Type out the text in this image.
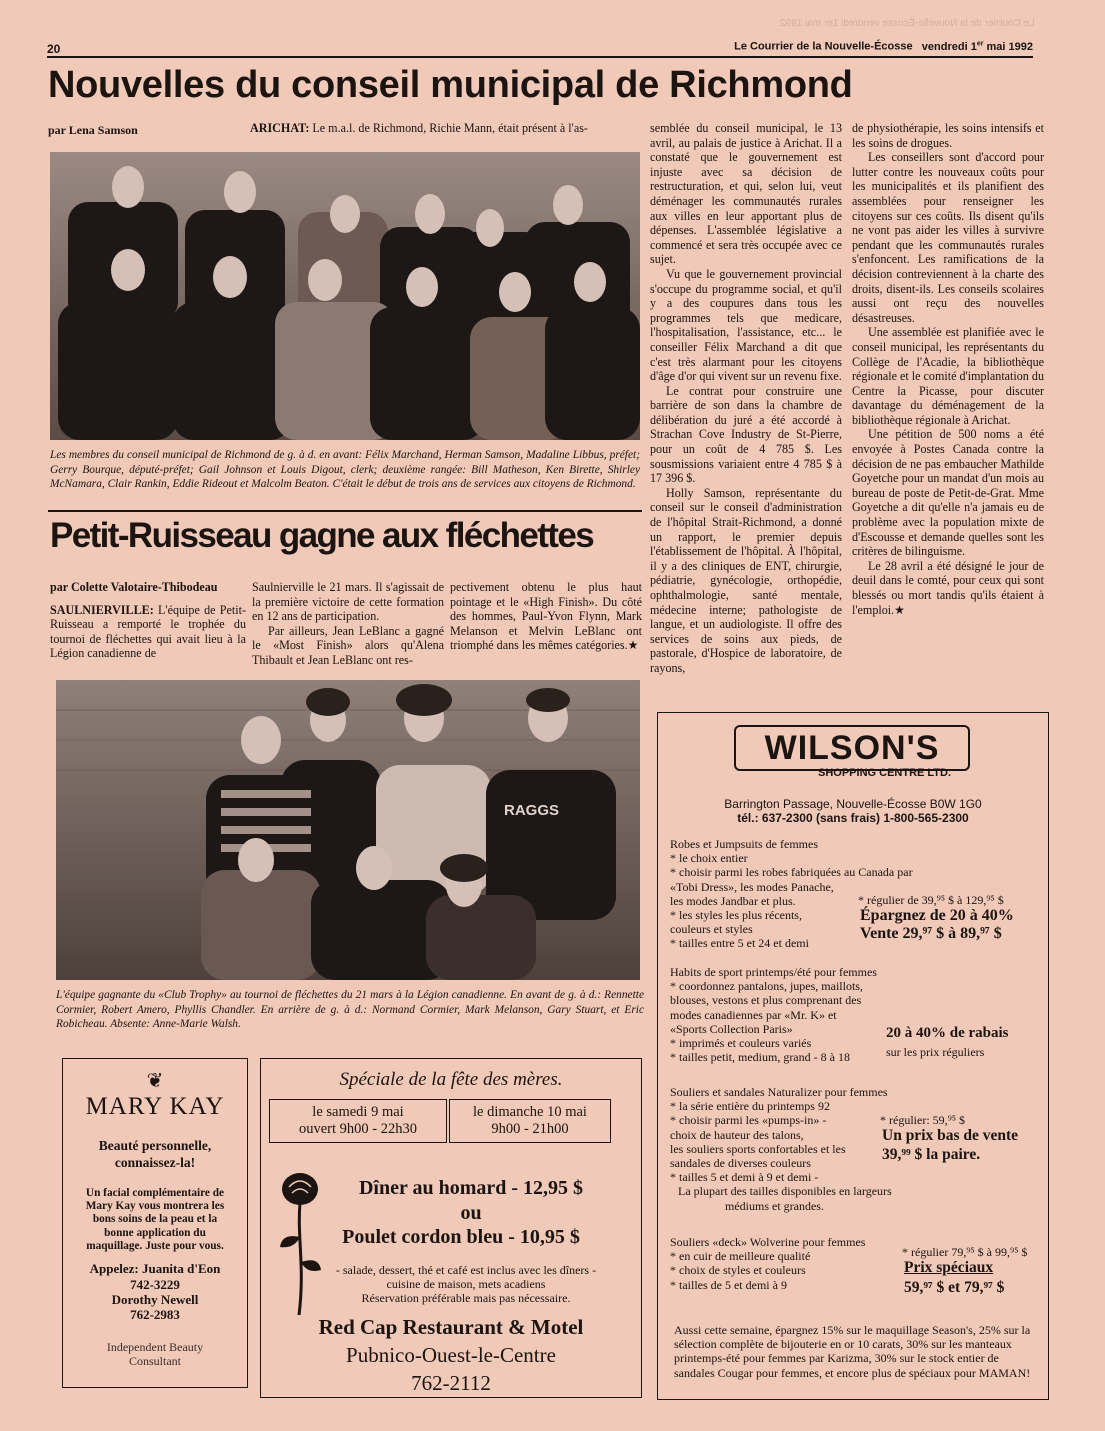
Le Courrier de la Nouvelle-Écosse vendredi 1er mai 1992
20	Le Courrier de la Nouvelle-Écosse vendredi 1er mai 1992
Nouvelles du conseil municipal de Richmond
par Lena Samson	ARICHAT: Le m.a.l. de Richmond, Richie Mann, était présent à l'as-
Les membres du conseil municipal de Richmond de g. à d. en avant: Félix Marchand, Herman Samson, Madaline Libbus, préfet; Gerry Bourque, député-préfet; Gail Johnson et Louis Digout, clerk; deuxième rangée: Bill Matheson, Ken Birette, Shirley McNamara, Clair Rankin, Eddie Rideout et Malcolm Beaton. C'était le début de trois ans de services aux citoyens de Richmond.

semblée du conseil municipal, le 13 avril, au palais de justice à Arichat. Il a constaté que le gouvernement est injuste avec sa décision de restructuration, et qui, selon lui, veut déménager les communautés rurales aux villes en leur apportant plus de dépenses. L'assemblée législative a commencé et sera très occupée avec ce sujet.

Vu que le gouvernement provincial s'occupe du programme social, et qu'il y a des coupures dans tous les programmes tels que medicare, l'hospitalisation, l'assistance, etc... le conseiller Félix Marchand a dit que c'est très alarmant pour les citoyens d'âge d'or qui vivent sur un revenu fixe.

Le contrat pour construire une barrière de son dans la chambre de délibération du juré a été accordé à Strachan Cove Industry de St-Pierre, pour un coût de 4 785 $. Les sousmissions variaient entre 4 785 $ à 17 396 $.

Holly Samson, représentante du conseil sur le conseil d'administration de l'hôpital Strait-Richmond, a donné un rapport, le premier depuis l'établissement de l'hôpital. À l'hôpital, il y a des cliniques de ENT, chirurgie, pédiatrie, gynécologie, orthopédie, ophthalmologie, santé mentale, médecine interne; pathologiste de langue, et un audiologiste. Il offre des services de soins aux pieds, de pastorale, d'Hospice de laboratoire, de rayons,

de physiothérapie, les soins intensifs et les soins de drogues.

Les conseillers sont d'accord pour lutter contre les nouveaux coûts pour les municipalités et ils planifient des assemblées pour renseigner les citoyens sur ces coûts. Ils disent qu'ils ne vont pas aider les villes à survivre pendant que les communautés rurales s'enfoncent. Les ramifications de la décision contreviennent à la charte des droits, disent-ils. Les conseils scolaires aussi ont reçu des nouvelles désastreuses.

Une assemblée est planifiée avec le conseil municipal, les représentants du Collège de l'Acadie, la bibliothèque régionale et le comité d'implantation du Centre la Picasse, pour discuter davantage du déménagement de la bibliothèque régionale à Arichat.

Une pétition de 500 noms a été envoyée à Postes Canada contre la décision de ne pas embaucher Mathilde Goyetche pour un mandat d'un mois au bureau de poste de Petit-de-Grat. Mme Goyetche a dit qu'elle n'a jamais eu de problème avec la population mixte de d'Escousse et demande quelles sont les critères de bilinguisme.

Le 28 avril a été désigné le jour de deuil dans le comté, pour ceux qui sont blessés ou mort tandis qu'ils étaient à l'emploi.★

Petit-Ruisseau gagne aux fléchettes
par Colette Valotaire-Thibodeau

SAULNIERVILLE: L'équipe de Petit-Ruisseau a remporté le trophée du tournoi de fléchettes qui avait lieu à la Légion canadienne de

Saulnierville le 21 mars. Il s'agissait de la première victoire de cette formation en 12 ans de participation.

Par ailleurs, Jean LeBlanc a gagné le «Most Finish» alors qu'Alena Thibault et Jean LeBlanc ont res-

pectivement obtenu le plus haut pointage et le «High Finish». Du côté des hommes, Paul-Yvon Flynn, Mark Melanson et Melvin LeBlanc ont triomphé dans les mêmes catégories.★

RAGGS
L'équipe gagnante du «Club Trophy» au tournoi de fléchettes du 21 mars à la Légion canadienne. En avant de g. à d.: Rennette Cormier, Robert Amero, Phyllis Chandler. En arrière de g. à d.: Normand Cormier, Mark Melanson, Gary Stuart, et Eric Robicheau. Absente: Anne-Marie Walsh.
❦
MARY KAY
Beauté personnelle, connaissez-la!
Un facial complémentaire de Mary Kay vous montrera les bons soins de la peau et la bonne application du maquillage. Juste pour vous.
Appelez: Juanita d'Eon
742-3229
Dorothy Newell
762-2983
Independent Beauty Consultant
Spéciale de la fête des mères.
le samedi 9 mai
ouvert 9h00 - 22h30
le dimanche 10 mai
9h00 - 21h00
Dîner au homard - 12,95 $
ou
Poulet cordon bleu - 10,95 $
- salade, dessert, thé et café est inclus avec les dîners -
cuisine de maison, mets acadiens
Réservation préférable mais pas nécessaire.
Red Cap Restaurant & Motel
Pubnico-Ouest-le-Centre
762-2112
WILSON'S
SHOPPING CENTRE LTD.
Barrington Passage, Nouvelle-Écosse B0W 1G0
tél.: 637-2300 (sans frais) 1-800-565-2300
Robes et Jumpsuits de femmes
* le choix entier
* choisir parmi les robes fabriquées au Canada par
«Tobi Dress», les modes Panache,
les modes Jandbar et plus.
* les styles les plus récents,
couleurs et styles
* tailles entre 5 et 24 et demi
* régulier de 39,⁹⁵ $ à 129,⁹⁵ $
Épargnez de 20 à 40%
Vente 29,⁹⁷ $ à 89,⁹⁷ $
Habits de sport printemps/été pour femmes
* coordonnez pantalons, jupes, maillots,
blouses, vestons et plus comprenant des
modes canadiennes par «Mr. K» et
«Sports Collection Paris»
* imprimés et couleurs variés
* tailles petit, medium, grand - 8 à 18
20 à 40% de rabais
sur les prix réguliers
Souliers et sandales Naturalizer pour femmes
* la série entière du printemps 92
* choisir parmi les «pumps-in» -
choix de hauteur des talons,
les souliers sports confortables et les
sandales de diverses couleurs
* tailles 5 et demi à 9 et demi -
La plupart des tailles disponibles en largeurs
médiums et grandes.
* régulier: 59,⁹⁵ $
Un prix bas de vente
39,⁹⁹ $ la paire.
Souliers «deck» Wolverine pour femmes
* en cuir de meilleure qualité
* choix de styles et couleurs
* tailles de 5 et demi à 9
* régulier 79,⁹⁵ $ à 99,⁹⁵ $
Prix spéciaux
59,⁹⁷ $ et 79,⁹⁷ $
Aussi cette semaine, épargnez 15% sur le maquillage Season's, 25% sur la sélection complète de bijouterie en or 10 carats, 30% sur les manteaux printemps-été pour femmes par Karizma, 30% sur le stock entier de sandales Cougar pour femmes, et encore plus de spéciaux pour MAMAN!
